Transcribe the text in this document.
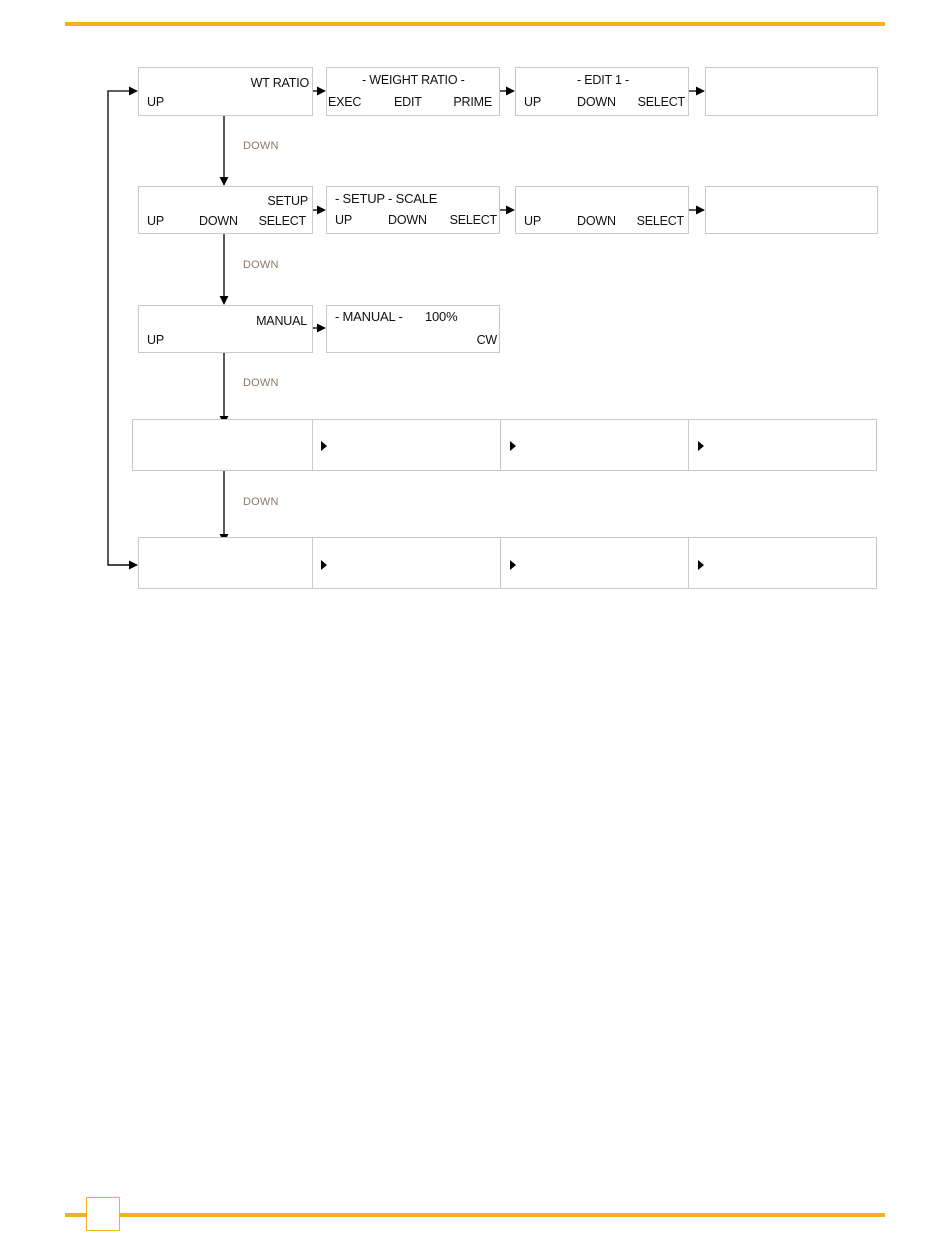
DOWN
DOWN
DOWN
DOWN
WT RATIO
UP
- WEIGHT RATIO -
EXEC	EDIT	PRIME
- EDIT 1 -
UP	DOWN SELECT
SETUP
UP	DOWN SELECT
- SETUP - SCALE
UP	DOWN SELECT UP	DOWN SELECT
MANUAL
UP
- MANUAL - 100%
CW
